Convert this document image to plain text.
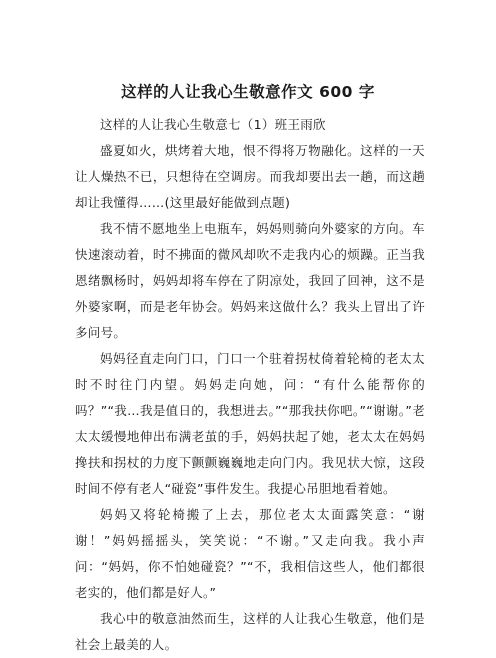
这样的人让我心生敬意作文 600 字

这样的人让我心生敬意七（1）班王雨欣

盛夏如火，烘烤着大地，恨不得将万物融化。这样的一天让人燥热不已，只想待在空调房。而我却要出去一趟，而这趟却让我懂得……(这里最好能做到点题)

我不情不愿地坐上电瓶车，妈妈则骑向外婆家的方向。车快速滚动着，时不拂面的微风却吹不走我内心的烦躁。正当我恩绪飘杨时，妈妈却将车停在了阴凉处，我回了回神，这不是外婆家啊，而是老年协会。妈妈来这做什么？我头上冒出了许多问号。

妈妈径直走向门口，门口一个驻着拐杖倚着轮椅的老太太时不时往门内望。妈妈走向她，问：“有什么能帮你的吗？”“我…我是值日的，我想进去。”“那我扶你吧。”“谢谢。”老太太缓慢地伸出布满老茧的手，妈妈扶起了她，老太太在妈妈搀扶和拐杖的力度下颤颤巍巍地走向门内。我见状大惊，这段时间不停有老人“碰瓷”事件发生。我提心吊胆地看着她。

妈妈又将轮椅搬了上去，那位老太太面露笑意：“谢谢！”妈妈摇摇头，笑笑说：“不谢。”又走向我。我小声问：“妈妈，你不怕她碰瓷？”“不，我相信这些人，他们都很老实的，他们都是好人。”

我心中的敬意油然而生，这样的人让我心生敬意，他们是社会上最美的人。
